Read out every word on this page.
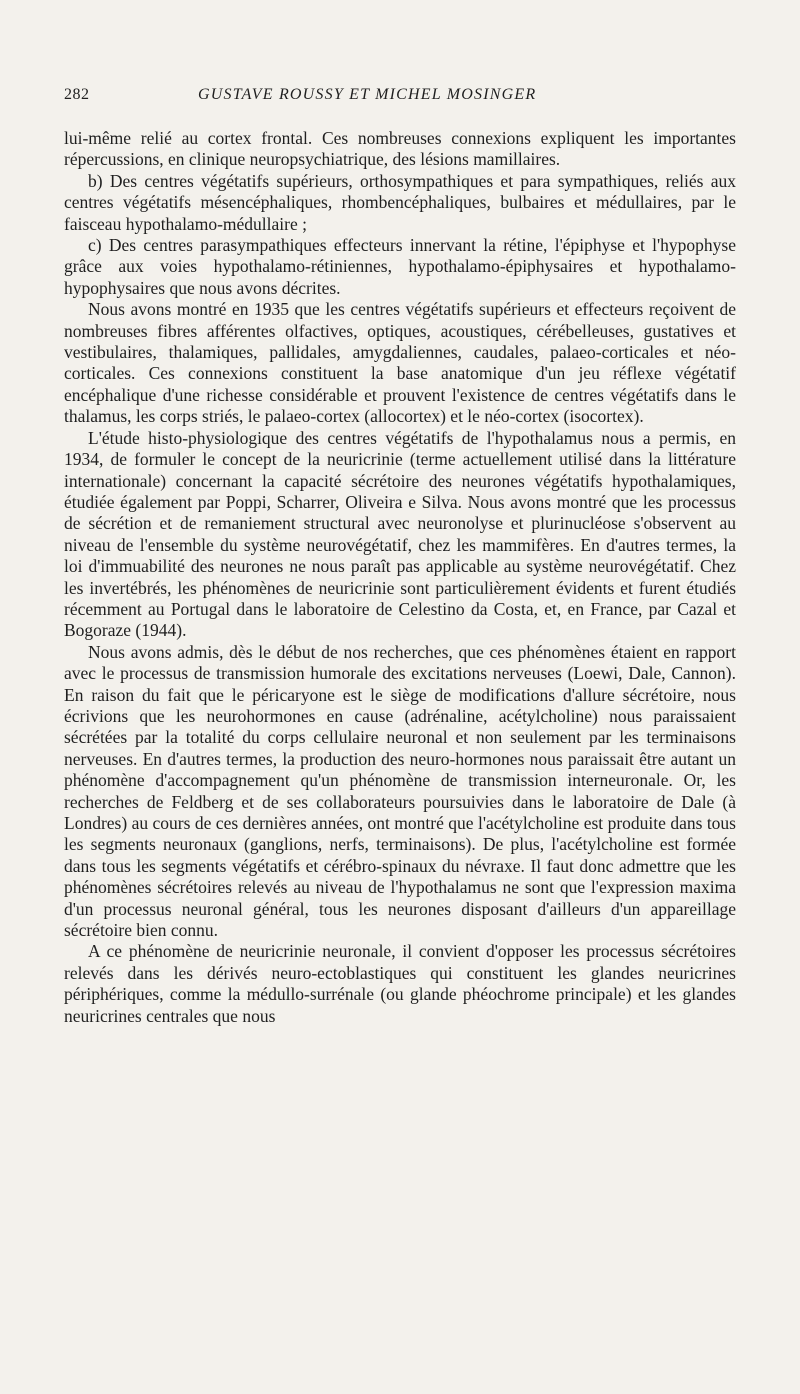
282	GUSTAVE ROUSSY ET MICHEL MOSINGER

lui-même relié au cortex frontal. Ces nombreuses connexions expliquent les importantes répercussions, en clinique neuropsychiatrique, des lésions mamillaires.

b) Des centres végétatifs supérieurs, orthosympathiques et para sympathiques, reliés aux centres végétatifs mésencéphaliques, rhombencéphaliques, bulbaires et médullaires, par le faisceau hypothalamo-médullaire ;

c) Des centres parasympathiques effecteurs innervant la rétine, l'épiphyse et l'hypophyse grâce aux voies hypothalamo-rétiniennes, hypothalamo-épiphysaires et hypothalamo-hypophysaires que nous avons décrites.

Nous avons montré en 1935 que les centres végétatifs supérieurs et effecteurs reçoivent de nombreuses fibres afférentes olfactives, optiques, acoustiques, cérébelleuses, gustatives et vestibulaires, thalamiques, pallidales, amygdaliennes, caudales, palaeo-corticales et néo-corticales. Ces connexions constituent la base anatomique d'un jeu réflexe végétatif encéphalique d'une richesse considérable et prouvent l'existence de centres végétatifs dans le thalamus, les corps striés, le palaeo-cortex (allocortex) et le néo-cortex (isocortex).

L'étude histo-physiologique des centres végétatifs de l'hypothalamus nous a permis, en 1934, de formuler le concept de la neuricrinie (terme actuellement utilisé dans la littérature internationale) concernant la capacité sécrétoire des neurones végétatifs hypothalamiques, étudiée également par Poppi, Scharrer, Oliveira e Silva. Nous avons montré que les processus de sécrétion et de remaniement structural avec neuronolyse et plurinucléose s'observent au niveau de l'ensemble du système neurovégétatif, chez les mammifères. En d'autres termes, la loi d'immuabilité des neurones ne nous paraît pas applicable au système neurovégétatif. Chez les invertébrés, les phénomènes de neuricrinie sont particulièrement évidents et furent étudiés récemment au Portugal dans le laboratoire de Celestino da Costa, et, en France, par Cazal et Bogoraze (1944).

Nous avons admis, dès le début de nos recherches, que ces phénomènes étaient en rapport avec le processus de transmission humorale des excitations nerveuses (Loewi, Dale, Cannon). En raison du fait que le péricaryone est le siège de modifications d'allure sécrétoire, nous écrivions que les neurohormones en cause (adrénaline, acétylcholine) nous paraissaient sécrétées par la totalité du corps cellulaire neuronal et non seulement par les terminaisons nerveuses. En d'autres termes, la production des neuro-hormones nous paraissait être autant un phénomène d'accompagnement qu'un phénomène de transmission interneuronale. Or, les recherches de Feldberg et de ses collaborateurs poursuivies dans le laboratoire de Dale (à Londres) au cours de ces dernières années, ont montré que l'acétylcholine est produite dans tous les segments neuronaux (ganglions, nerfs, terminaisons). De plus, l'acétylcholine est formée dans tous les segments végétatifs et cérébro-spinaux du névraxe. Il faut donc admettre que les phénomènes sécrétoires relevés au niveau de l'hypothalamus ne sont que l'expression maxima d'un processus neuronal général, tous les neurones disposant d'ailleurs d'un appareillage sécrétoire bien connu.

A ce phénomène de neuricrinie neuronale, il convient d'opposer les processus sécrétoires relevés dans les dérivés neuro-ectoblastiques qui constituent les glandes neuricrines périphériques, comme la médullo-surrénale (ou glande phéochrome principale) et les glandes neuricrines centrales que nous
